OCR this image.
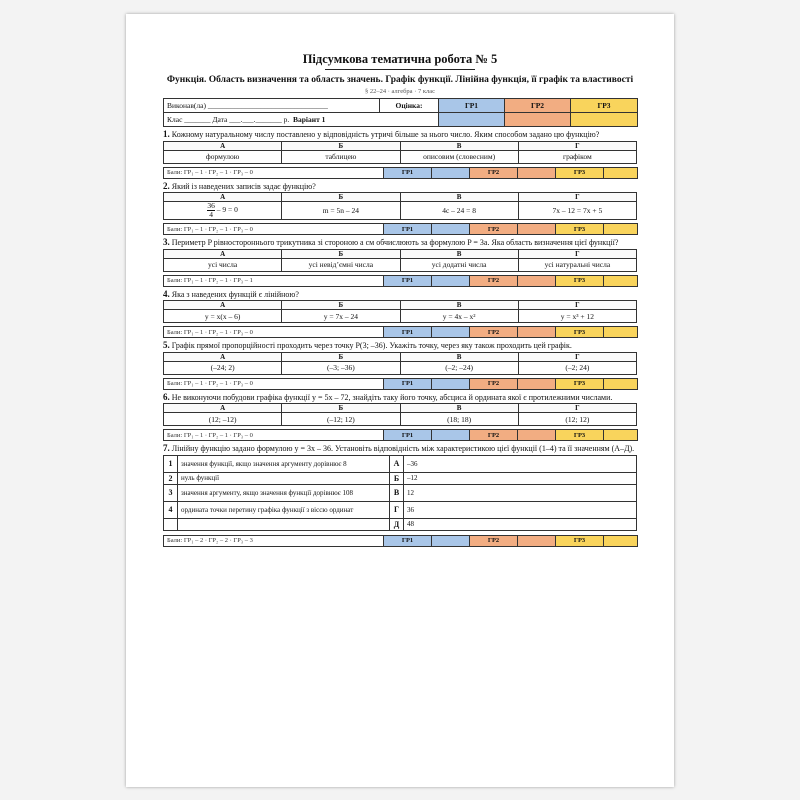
Підсумкова тематична робота № 5
Функція. Область визначення та область значень. Графік функції. Лінійна функція, її графік та властивості
§ 22–24 · алгебра · 7 клас
Виконав(ла) ________________________________	Оцінка:	ГР1	ГР2	ГР3
Клас _______ Дата ___.___._______ р. Варіант 1				
1. Кожному натуральному числу поставлено у відповідність утричі більше за нього число. Яким способом задано цю функцію?
А	Б	В	Г
формулою	таблицею	описовим (словесним)	графіком
Бали: ГР₁ – 1 · ГР₂ – 1 · ГР₃ – 0	ГР1		ГР2		ГР3	
2. Який із наведених записів задає функцію?
А	Б	В	Г

$\frac{36}{4} - 9 = 0$	m = 5n – 24	4c – 24 = 8	7x – 12 = 7x + 5
Бали: ГР₁ – 1 · ГР₂ – 1 · ГР₃ – 0	ГР1		ГР2		ГР3	
3. Периметр P рівностороннього трикутника зі стороною a см обчислюють за формулою P = 3a. Яка область визначення цієї функції?
А	Б	В	Г
усі числа	усі невід’ємні числа	усі додатні числа	усі натуральні числа
Бали: ГР₁ – 1 · ГР₂ – 1 · ГР₃ – 1	ГР1		ГР2		ГР3	
4. Яка з наведених функцій є лінійною?
А	Б	В	Г
y = x(x – 6)	y = 7x – 24	y = 4x – x²	y = x³ + 12
Бали: ГР₁ – 1 · ГР₂ – 1 · ГР₃ – 0	ГР1		ГР2		ГР3	
5. Графік прямої пропорційності проходить через точку P(3; –36). Укажіть точку, через яку також проходить цей графік.
А	Б	В	Г
(–24; 2)	(–3; –36)	(–2; –24)	(–2; 24)
Бали: ГР₁ – 1 · ГР₂ – 1 · ГР₃ – 0	ГР1		ГР2		ГР3	
6. Не виконуючи побудови графіка функції y = 5x – 72, знайдіть таку його точку, абсциса й ордината якої є протилежними числами.
А	Б	В	Г
(12; –12)	(–12; 12)	(18; 18)	(12; 12)
Бали: ГР₁ – 1 · ГР₂ – 1 · ГР₃ – 0	ГР1		ГР2		ГР3	
7. Лінійну функцію задано формулою y = 3x – 36. Установіть відповідність між характеристикою цієї функції (1–4) та її значенням (А–Д).
1	значення функції, якщо значення аргументу дорівнює 8	А	–36
2	нуль функції	Б	–12
3	значення аргументу, якщо значення функції дорівнює 108	В	12
4	ордината точки перетину графіка функції з віссю ординат	Г	36
		Д	48
Бали: ГР₁ – 2 · ГР₂ – 2 · ГР₃ – 3	ГР1		ГР2		ГР3	
